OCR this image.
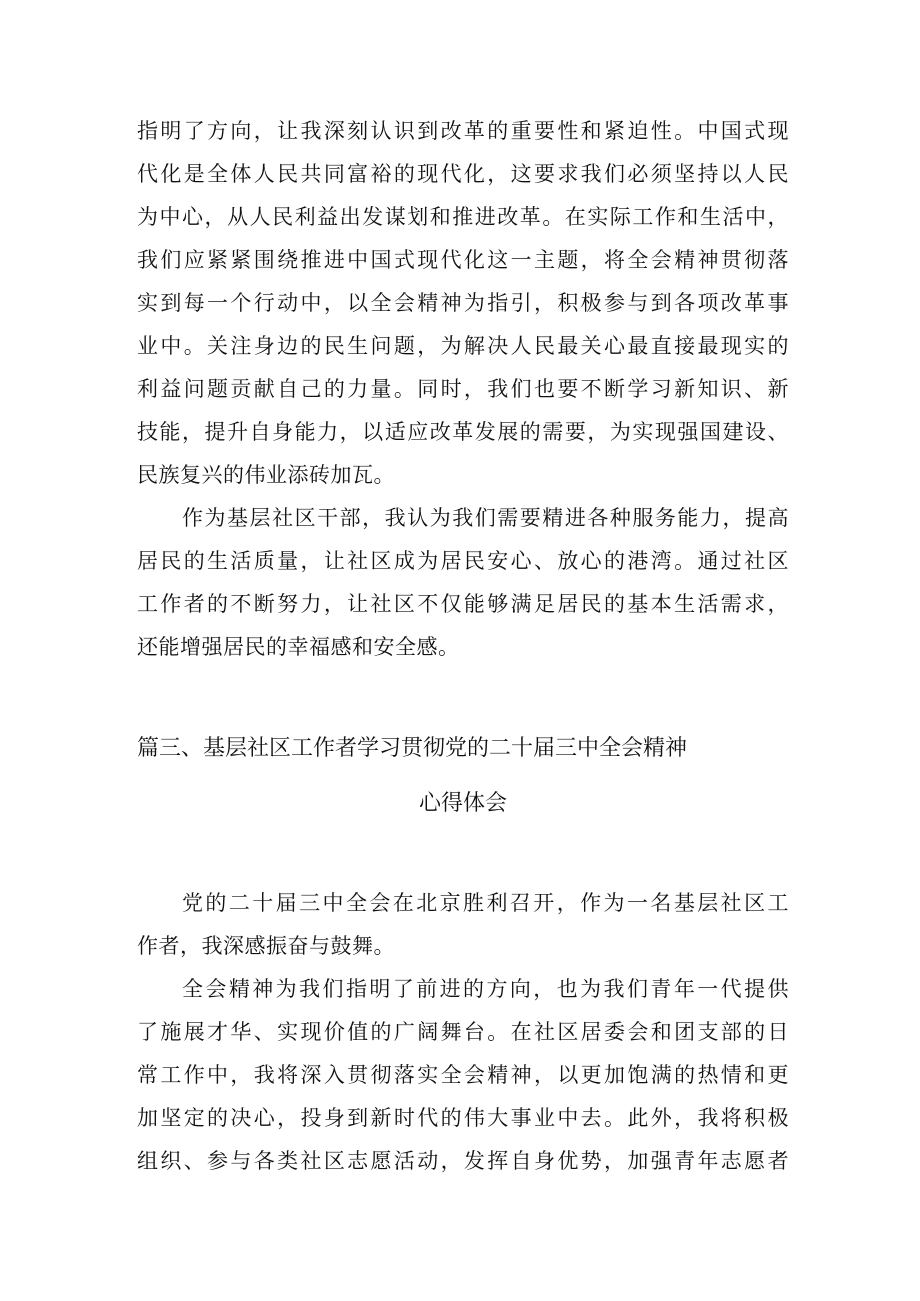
指明了方向，让我深刻认识到改革的重要性和紧迫性。中国式现
代化是全体人民共同富裕的现代化，这要求我们必须坚持以人民
为中心，从人民利益出发谋划和推进改革。在实际工作和生活中，
我们应紧紧围绕推进中国式现代化这一主题，将全会精神贯彻落
实到每一个行动中，以全会精神为指引，积极参与到各项改革事
业中。关注身边的民生问题，为解决人民最关心最直接最现实的
利益问题贡献自己的力量。同时，我们也要不断学习新知识、新
技能，提升自身能力，以适应改革发展的需要，为实现强国建设、
民族复兴的伟业添砖加瓦。
作为基层社区干部，我认为我们需要精进各种服务能力，提高
居民的生活质量，让社区成为居民安心、放心的港湾。通过社区
工作者的不断努力，让社区不仅能够满足居民的基本生活需求，
还能增强居民的幸福感和安全感。
篇三、基层社区工作者学习贯彻党的二十届三中全会精神
心得体会
党的二十届三中全会在北京胜利召开，作为一名基层社区工
作者，我深感振奋与鼓舞。
全会精神为我们指明了前进的方向，也为我们青年一代提供
了施展才华、实现价值的广阔舞台。在社区居委会和团支部的日
常工作中，我将深入贯彻落实全会精神，以更加饱满的热情和更
加坚定的决心，投身到新时代的伟大事业中去。此外，我将积极
组织、参与各类社区志愿活动，发挥自身优势，加强青年志愿者
